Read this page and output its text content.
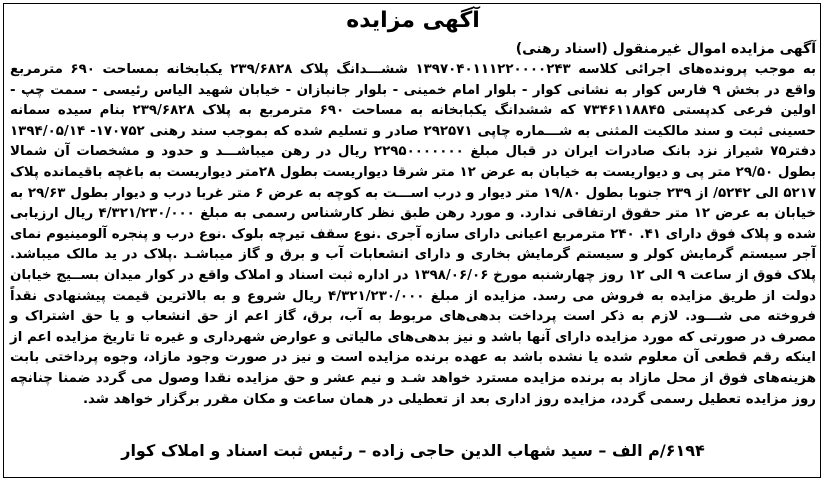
آگهی مزایده
آگهی مزایده اموال غیرمنقول (اسناد رهنی)
به موجب پرونده‌های اجرائی کلاسه ۱۳۹۷۰۴۰۱۱۱۲۲۰۰۰۰۲۴۳ ششـــدانگ پلاک ۲۳۹/۶۸۲۸ یکبابخانه بمساحت ۶۹۰ مترمربع واقع در بخش ۹ فارس کوار به نشانی کوار - بلوار امام خمینی - بلوار جانبازان - خیابان شهید الیاس رئیسی - سمت چپ - اولین فرعی کدپستی ۷۳۴۶۱۱۸۸۴۵ که ششدانگ یکبابخانه به مساحت ۶۹۰ مترمربع به پلاک ۲۳۹/۶۸۲۸ بنام سیده سمانه حسینی ثبت و سند مالکیت المثنی به شـــماره چاپی ۲۹۲۵۷۱ صادر و تسلیم شده که بموجب سند رهنی ۱۷۰۷۵۲- ۱۳۹۴/۰۵/۱۴ دفتر۷۵ شیراز نزد بانک صادرات ایران در قبال مبلغ ۲۲۹۵۰۰۰۰۰۰۰ ریال در رهن میباشـــد و حدود و مشخصات آن شمالا بطول ۲۹/۵۰ متر پی و دیواریست به خیابان به عرض ۱۲ متر شرقا دیواریست بطول ۲۸متر دیواریست به باغچه باقیمانده پلاک ۵۲۱۷ الی ۵۲۴۲/ از ۲۳۹ جنوبا بطول ۱۹/۸۰ متر دیوار و درب اســـت به کوچه به عرض ۶ متر غربا درب و دیوار بطول ۲۹/۶۳ به خیابان به عرض ۱۲ متر حقوق ارتفاقی ندارد. و مورد رهن طبق نظر کارشناس رسمی به مبلغ ۴/۳۲۱/۲۳۰/۰۰۰ ریال ارزیابی شده و پلاک فوق دارای ۴۱. ۲۴۰ مترمربع اعیانی دارای سازه آجری .نوع سقف تیرچه بلوک .نوع درب و پنجره آلومینیوم نمای آجر سیستم گرمایش کولر و سیستم گرمایش بخاری و دارای انشعابات آب و برق و گاز میباشـد .پلاک در ید مالک میباشد. پلاک فوق از ساعت ۹ الی ۱۲ روز چهارشنبه مورخ ۱۳۹۸/۰۶/۰۶ در اداره ثبت اسناد و املاک واقع در کوار میدان بســیج خیابان دولت از طریق مزایده به فروش می رسد. مزایده از مبلغ ۴/۳۲۱/۲۳۰/۰۰۰ ریال شروع و به بالاترین قیمت پیشنهادی نقداً فروخته می شـــود. لازم به ذکر است پرداخت بدهی‌های مربوط به آب، برق، گاز اعم از حق انشعاب و یا حق اشتراک و مصرف در صورتی که مورد مزایده دارای آنها باشد و نیز بدهی‌های مالیاتی و عوارض شهرداری و غیره تا تاریخ مزایده اعم از اینکه رقم قطعی آن معلوم شده یا نشده باشد به عهده برنده مزایده است و نیز در صورت وجود مازاد، وجوه پرداختی بابت هزینه‌های فوق از محل مازاد به برنده مزایده مسترد خواهد شـد و نیم عشر و حق مزایده نقدا وصول می گردد ضمنا چنانچه روز مزایده تعطیل رسمی گردد، مزایده روز اداری بعد از تعطیلی در همان ساعت و مکان مقرر برگزار خواهد شد.
۶۱۹۴/م الف – سید شهاب الدین حاجی زاده – رئیس ثبت اسناد و املاک کوار
